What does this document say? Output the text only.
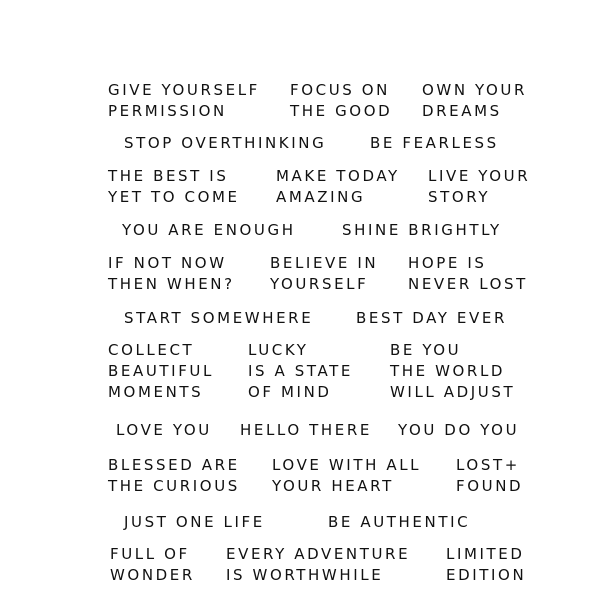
GIVE YOURSELF
PERMISSION
FOCUS ON
THE GOOD
OWN YOUR
DREAMS
STOP OVERTHINKING	BE FEARLESS
THE BEST IS
YET TO COME
MAKE TODAY
AMAZING
LIVE YOUR
STORY
YOU ARE ENOUGH	SHINE BRIGHTLY
IF NOT NOW
THEN WHEN?
BELIEVE IN
YOURSELF
HOPE IS
NEVER LOST
START SOMEWHERE	BEST DAY EVER
COLLECT
BEAUTIFUL
MOMENTS
LUCKY
IS A STATE
OF MIND
BE YOU
THE WORLD
WILL ADJUST
LOVE YOU HELLO THERE YOU DO YOU
BLESSED ARE
THE CURIOUS
LOVE WITH ALL
YOUR HEART
LOST+
FOUND
JUST ONE LIFE	BE AUTHENTIC
FULL OF
WONDER
EVERY ADVENTURE
IS WORTHWHILE
LIMITED
EDITION
